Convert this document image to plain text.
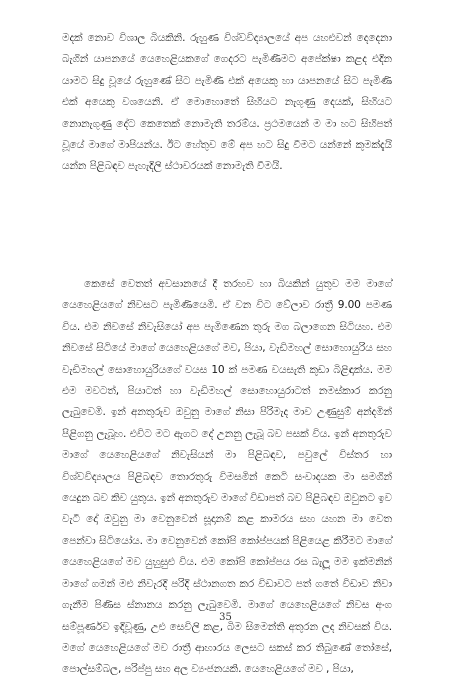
මදක් නොව විශාල බියකිනි. රුහුණ විශ්වවිද්‍යාලයේ අප යහළුවන් දෙදෙනා බැගින් යාපනයේ යෙහෙළියකගේ ගෙදරට පැමිණීමට අපේක්ෂා කළද එදින යාමට සිදු වූයේ රුහුණේ සිට පැමිණි එක් අයෙකු හා යාපනයේ සිට පැමිණි එක් අයෙකු වශයෙනි. ඒ මොහොතේ සිහියට නැගුණු දෙයක්, සිහියට නොනැගුණු දේට කෙතෙක් නොමැති තරම්ය. ප්‍රථමයෙන් ම මා හට සිහිපත් වූයේ මාගේ මාපියන්ය. ඊට හේතුව මේ අප හට සිදු වීමට යන්නේ කුමක්දැයි යන්න පිළිබඳව පැහැදිලි ස්ථාවරයක් නොමැති වීමයි.

කෙසේ වෙතත් අවසානයේ දී තරහව හා බියකින් යුතුව මම මාගේ යෙහෙළියගේ නිවසට පැමිණියෙමි. ඒ වන විට වේලාව රාත්‍රී 9.00 පමණ විය. එම නිවසේ නිවැසියෝ අප පැමිණෙන තුරු මග බලාගෙන සිටියහ. එම නිවසේ සිටියේ මාගේ යෙහෙළියගේ මව, පියා, වැඩිමහල් සොහොයුරිය සහ වැඩිමහල් සොහොයුරියගේ වයස 10 ක් පමණ වයසැති කුඩා බිළිඳාක්ය. මම එම මවටත්, පියාටත් හා වැඩිමහල් සොහොයුරාටත් නමස්කාර කරනු ලැබුවෙමි. ඉන් අනතුරුව ඔවුනු මාගේ නිසා පිරිමැද මාව උණුසුම් අන්දමින් පිළිගනු ලැබූහ. එවිට මට ඇගට දේ උනනු ලැබූ බව පසක් විය. ඉන් අනතුරුව මාගේ යෙහෙළියගේ නිවැසියන් මා පිළිබඳව, පවුලේ විස්තර හා විශ්වවිද්‍යාලය පිළිබඳව තොරතුරු විමසමින් කෙටි සංවාදයක මා සමගින් යෙදුන බව කිව යුතුය. ඉන් අනතුරුව මාගේ විඩාපත් බව පිළිබඳව ඔවුනට ඉව වැටී දෝ ඔවුනු මා වෙනුවෙන් සූදානම් කළ කාමරය සහ යහන මා වෙත පෙන්වා සිටියෝය. මා වෙනුවෙන් කෝපි කෝප්පයක් පිළියෙළ කිරීමට මාගේ යෙහෙළියගේ මව යුහුසුළු විය. එම කෝපි කෝප්පය රස බැලූ මම ඉක්මනින් මාගේ ගමන් මළු නිවැරදි පරිදි ස්ථානගත කර විඩාවට පත් ගතේ විඩාව නිවා ගැනීම පිණිස ස්නානය කරනු ලැබුවෙමි. මාගේ යෙහෙළියගේ නිවස අංග සම්පූර්ණව ඉදිවූණු, උළු සෙවිලි කළ, බිම සිමෙන්ති අතුරන ලද නිවසක් විය. මගේ යෙහෙළියගේ මව රාත්‍රී ආහාරය ලෙසට සකස් කර තිබුණේ තෝසේ, පොල්සම්බල, පරිප්පු සහ අල ව්‍යංජනයකි. යෙහෙළියගේ මව , පියා,

35
